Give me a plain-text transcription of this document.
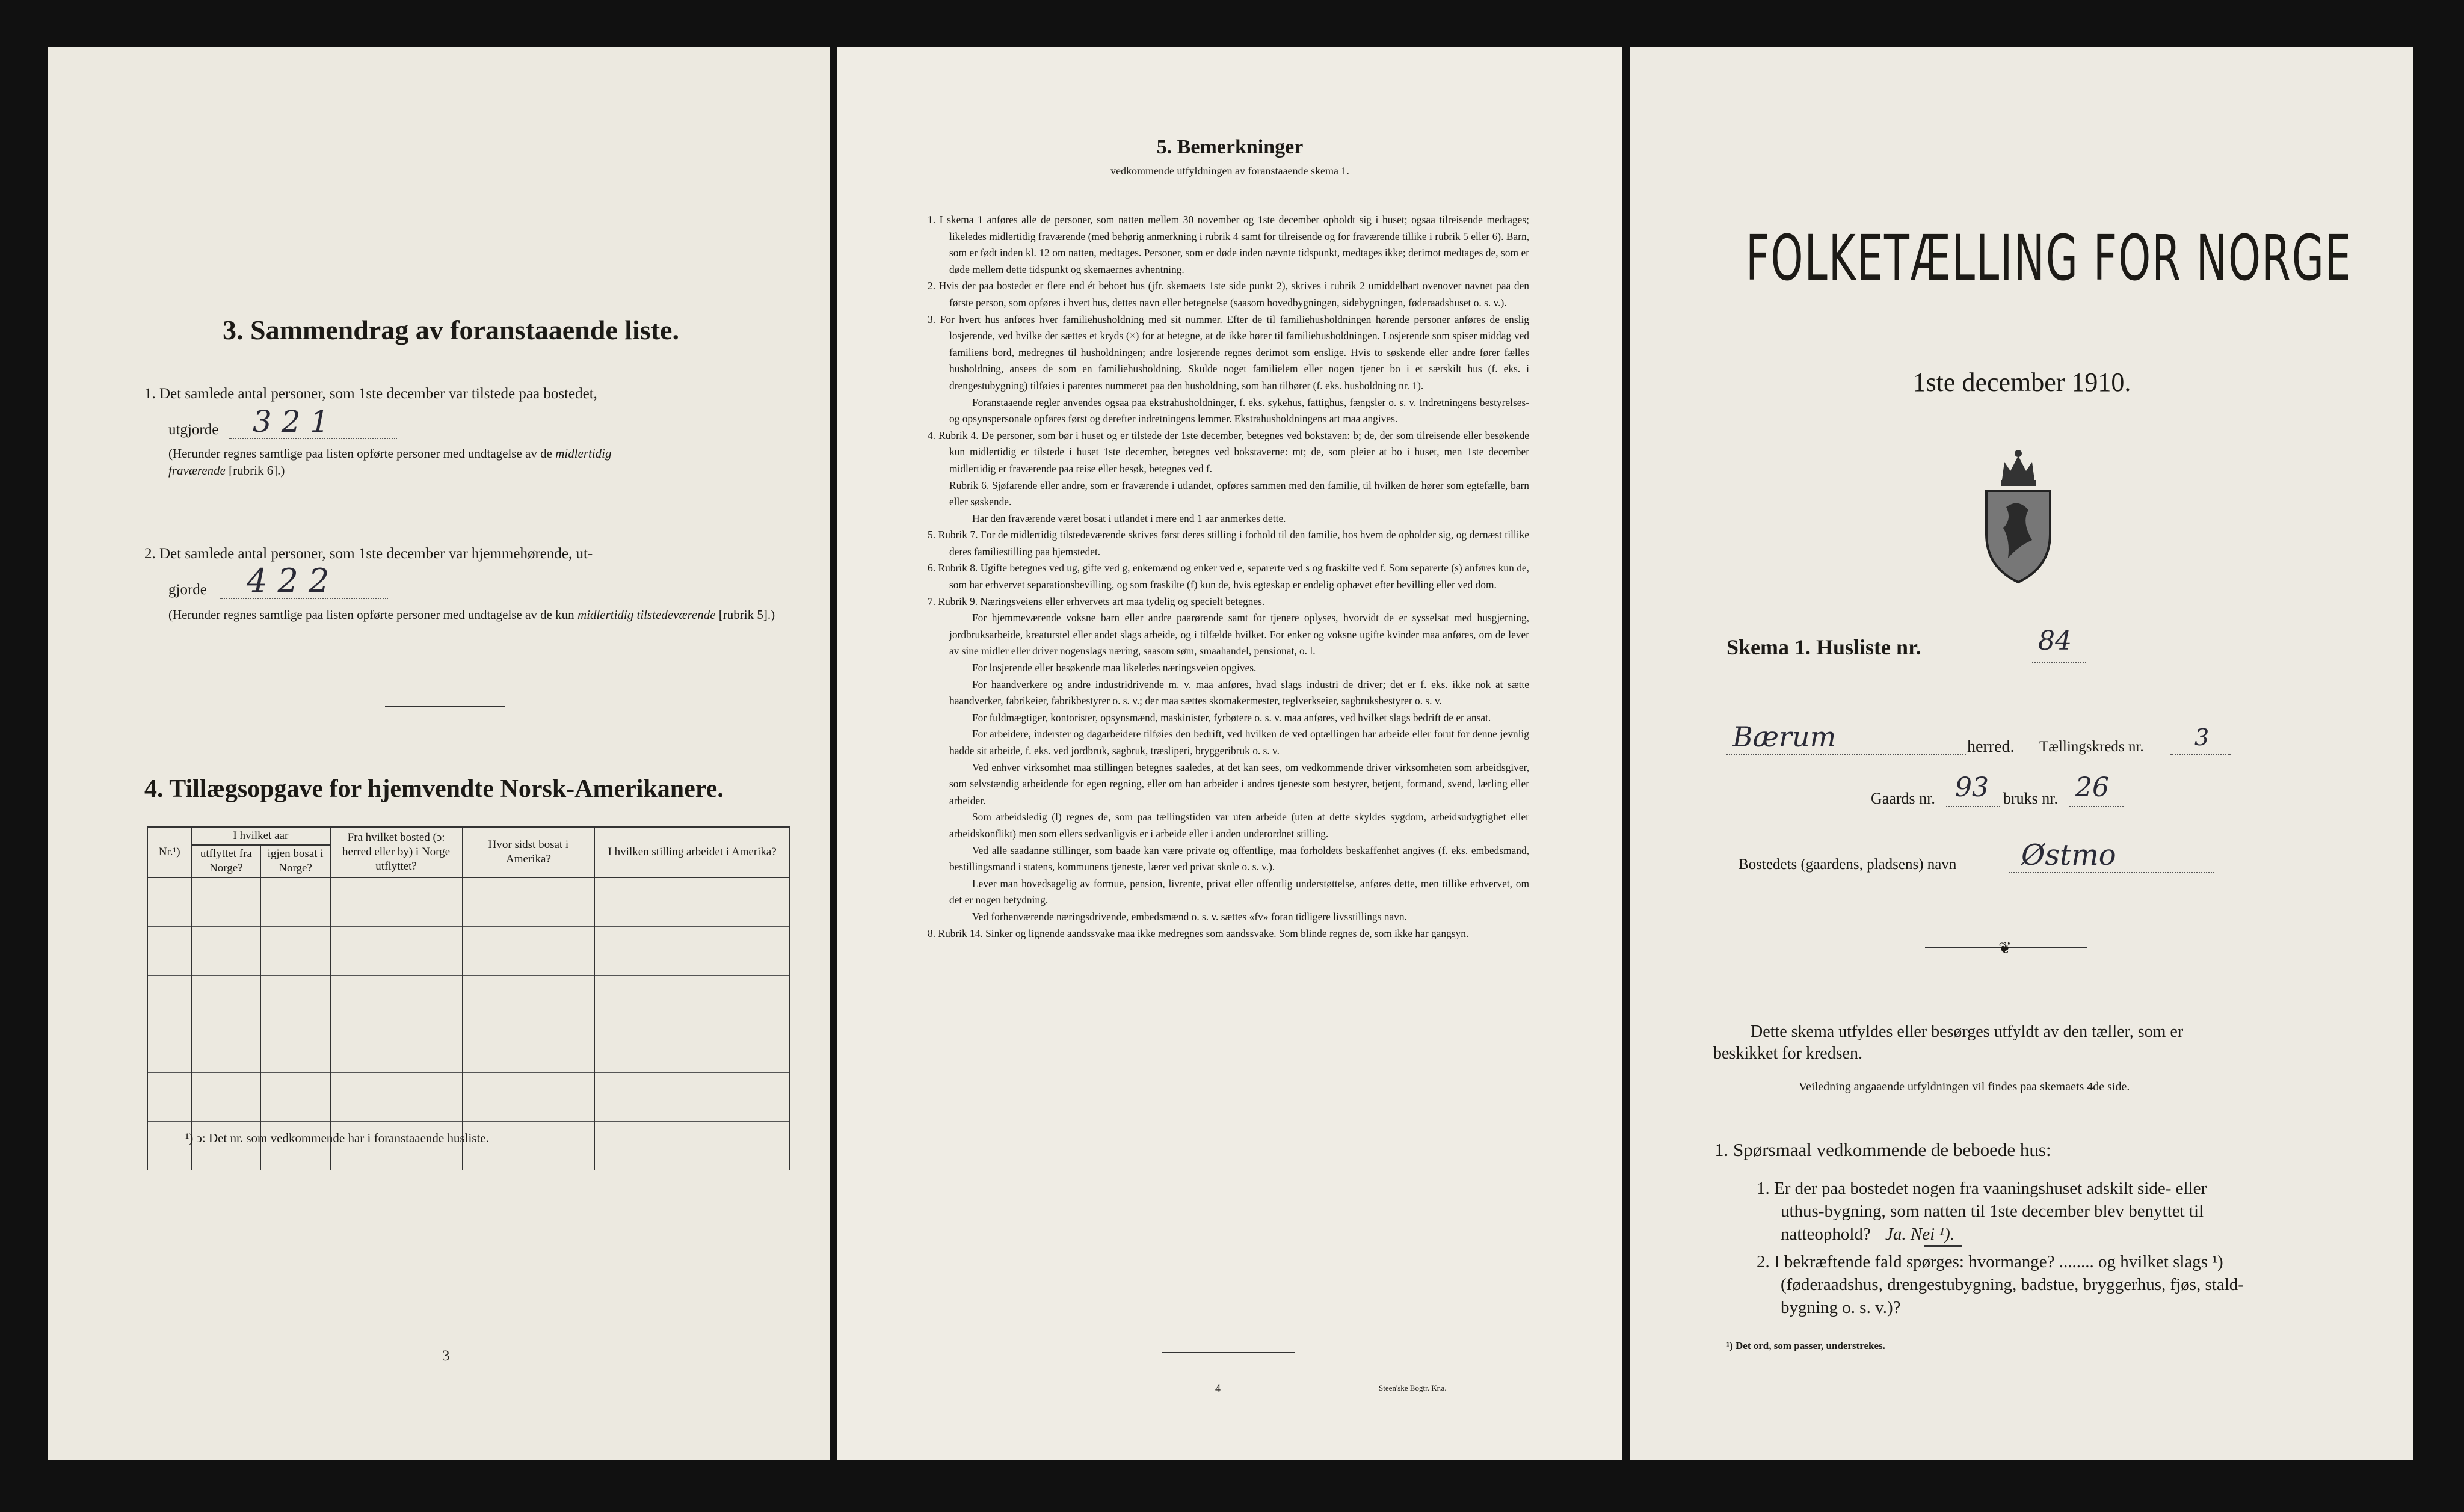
3. Sammendrag av foranstaaende liste.
1. Det samlede antal personer, som 1ste december var tilstede paa bostedet,
utgjorde 3 2 1
(Herunder regnes samtlige paa listen opførte personer med undtagelse av de midlertidig
fraværende [rubrik 6].)
2. Det samlede antal personer, som 1ste december var hjemmehørende, ut-
gjorde 4 2 2
(Herunder regnes samtlige paa listen opførte personer med undtagelse av de kun midlertidig tilstedeværende [rubrik 5].)
4. Tillægsopgave for hjemvendte Norsk-Amerikanere.
Nr.¹)	I hvilket aar		Fra hvilket bosted (ↄ: herred eller by) i Norge utflyttet?	Hvor sidst bosat i Amerika?	I hvilken stilling arbeidet i Amerika?
	utflyttet fra Norge?	igjen bosat i Norge?			

¹) ↄ: Det nr. som vedkommende har i foranstaaende husliste.
3
5. Bemerkninger
vedkommende utfyldningen av foranstaaende skema 1.

1. I skema 1 anføres alle de personer, som natten mellem 30 november og 1ste december opholdt sig i huset; ogsaa tilreisende medtages; likeledes midlertidig fraværende (med behørig anmerkning i rubrik 4 samt for tilreisende og for fraværende tillike i rubrik 5 eller 6). Barn, som er født inden kl. 12 om natten, medtages. Personer, som er døde inden nævnte tidspunkt, medtages ikke; derimot medtages de, som er døde mellem dette tidspunkt og skemaernes avhentning.

2. Hvis der paa bostedet er flere end ét beboet hus (jfr. skemaets 1ste side punkt 2), skrives i rubrik 2 umiddelbart ovenover navnet paa den første person, som opføres i hvert hus, dettes navn eller betegnelse (saasom hovedbygningen, sidebygningen, føderaadshuset o. s. v.).

3. For hvert hus anføres hver familiehusholdning med sit nummer. Efter de til familiehusholdningen hørende personer anføres de enslig losjerende, ved hvilke der sættes et kryds (×) for at betegne, at de ikke hører til familiehusholdningen. Losjerende som spiser middag ved familiens bord, medregnes til husholdningen; andre losjerende regnes derimot som enslige. Hvis to søskende eller andre fører fælles husholdning, ansees de som en familiehusholdning. Skulde noget familielem eller nogen tjener bo i et særskilt hus (f. eks. i drengestubygning) tilføies i parentes nummeret paa den husholdning, som han tilhører (f. eks. husholdning nr. 1).

Foranstaaende regler anvendes ogsaa paa ekstrahusholdninger, f. eks. sykehus, fattighus, fængsler o. s. v. Indretningens bestyrelses- og opsynspersonale opføres først og derefter indretningens lemmer. Ekstrahusholdningens art maa angives.

4. Rubrik 4. De personer, som bør i huset og er tilstede der 1ste december, betegnes ved bokstaven: b; de, der som tilreisende eller besøkende kun midlertidig er tilstede i huset 1ste december, betegnes ved bokstaverne: mt; de, som pleier at bo i huset, men 1ste december midlertidig er fraværende paa reise eller besøk, betegnes ved f.

Rubrik 6. Sjøfarende eller andre, som er fraværende i utlandet, opføres sammen med den familie, til hvilken de hører som egtefælle, barn eller søskende.

Har den fraværende været bosat i utlandet i mere end 1 aar anmerkes dette.

5. Rubrik 7. For de midlertidig tilstedeværende skrives først deres stilling i forhold til den familie, hos hvem de opholder sig, og dernæst tillike deres familiestilling paa hjemstedet.

6. Rubrik 8. Ugifte betegnes ved ug, gifte ved g, enkemænd og enker ved e, separerte ved s og fraskilte ved f. Som separerte (s) anføres kun de, som har erhvervet separationsbevilling, og som fraskilte (f) kun de, hvis egteskap er endelig ophævet efter bevilling eller ved dom.

7. Rubrik 9. Næringsveiens eller erhvervets art maa tydelig og specielt betegnes.

For hjemmeværende voksne barn eller andre paarørende samt for tjenere oplyses, hvorvidt de er sysselsat med husgjerning, jordbruksarbeide, kreaturstel eller andet slags arbeide, og i tilfælde hvilket. For enker og voksne ugifte kvinder maa anføres, om de lever av sine midler eller driver nogenslags næring, saasom søm, smaahandel, pensionat, o. l.

For losjerende eller besøkende maa likeledes næringsveien opgives.

For haandverkere og andre industridrivende m. v. maa anføres, hvad slags industri de driver; det er f. eks. ikke nok at sætte haandverker, fabrikeier, fabrikbestyrer o. s. v.; der maa sættes skomakermester, teglverkseier, sagbruksbestyrer o. s. v.

For fuldmægtiger, kontorister, opsynsmænd, maskinister, fyrbøtere o. s. v. maa anføres, ved hvilket slags bedrift de er ansat.

For arbeidere, inderster og dagarbeidere tilføies den bedrift, ved hvilken de ved optællingen har arbeide eller forut for denne jevnlig hadde sit arbeide, f. eks. ved jordbruk, sagbruk, træsliperi, bryggeribruk o. s. v.

Ved enhver virksomhet maa stillingen betegnes saaledes, at det kan sees, om vedkommende driver virksomheten som arbeidsgiver, som selvstændig arbeidende for egen regning, eller om han arbeider i andres tjeneste som bestyrer, betjent, formand, svend, lærling eller arbeider.

Som arbeidsledig (l) regnes de, som paa tællingstiden var uten arbeide (uten at dette skyldes sygdom, arbeidsudygtighet eller arbeidskonflikt) men som ellers sedvanligvis er i arbeide eller i anden underordnet stilling.

Ved alle saadanne stillinger, som baade kan være private og offentlige, maa forholdets beskaffenhet angives (f. eks. embedsmand, bestillingsmand i statens, kommunens tjeneste, lærer ved privat skole o. s. v.).

Lever man hovedsagelig av formue, pension, livrente, privat eller offentlig understøttelse, anføres dette, men tillike erhvervet, om det er nogen betydning.

Ved forhenværende næringsdrivende, embedsmænd o. s. v. sættes «fv» foran tidligere livsstillings navn.

8. Rubrik 14. Sinker og lignende aandssvake maa ikke medregnes som aandssvake. Som blinde regnes de, som ikke har gangsyn.

4	Steen'ske Bogtr. Kr.a.
FOLKETÆLLING FOR NORGE
1ste december 1910.
Skema 1. Husliste nr.	84
Bærum	herred. Tællingskreds nr. 3
Gaards nr. 93 bruks nr. 26
Bostedets (gaardens, pladsens) navn Østmo
❦
Dette skema utfyldes eller besørges utfyldt av den tæller, som er
beskikket for kredsen.
Veiledning angaaende utfyldningen vil findes paa skemaets 4de side.
1. Spørsmaal vedkommende de beboede hus:
1. Er der paa bostedet nogen fra vaaningshuset adskilt side- eller
uthus-bygning, som natten til 1ste december blev benyttet til
natteophold? Ja. Nei ¹).
2. I bekræftende fald spørges: hvormange? ........ og hvilket slags ¹)
(føderaadshus, drengestubygning, badstue, bryggerhus, fjøs, stald-
bygning o. s. v.)?
¹) Det ord, som passer, understrekes.
